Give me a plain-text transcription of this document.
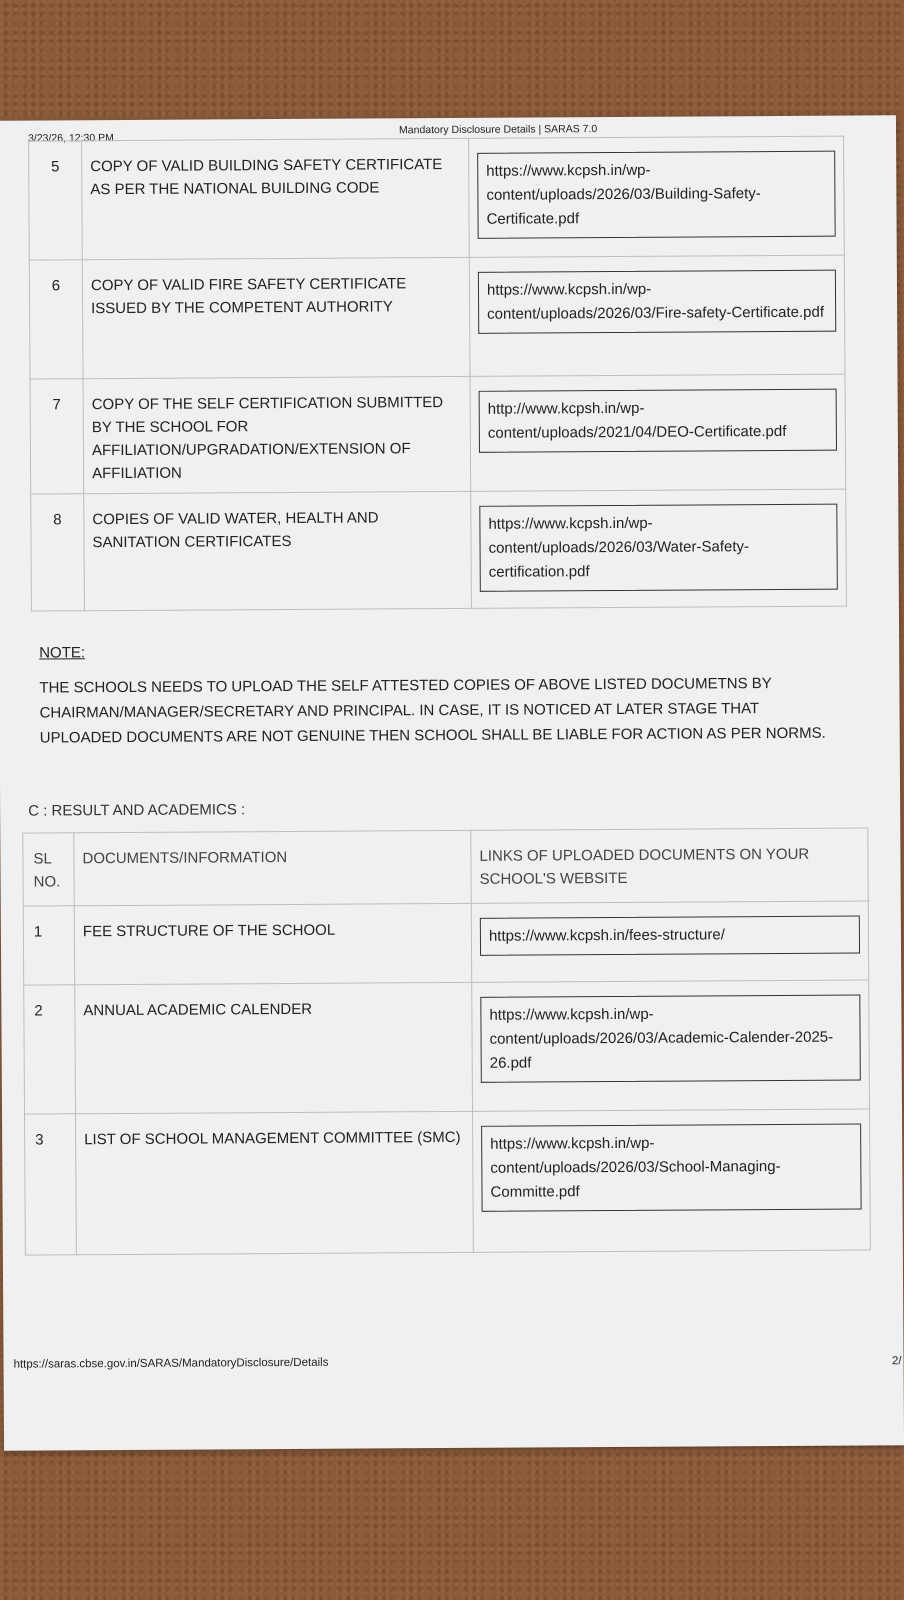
3/23/26, 12:30 PM
Mandatory Disclosure Details | SARAS 7.0
5	COPY OF VALID BUILDING SAFETY CERTIFICATE AS PER THE NATIONAL BUILDING CODE	https://www.kcpsh.in/wp-content/uploads/2026/03/Building-Safety-Certificate.pdf

6	COPY OF VALID FIRE SAFETY CERTIFICATE ISSUED BY THE COMPETENT AUTHORITY	https://www.kcpsh.in/wp-content/uploads/2026/03/Fire-safety-Certificate.pdf

7	COPY OF THE SELF CERTIFICATION SUBMITTED BY THE SCHOOL FOR AFFILIATION/UPGRADATION/EXTENSION OF AFFILIATION	http://www.kcpsh.in/wp-content/uploads/2021/04/DEO-Certificate.pdf

8	COPIES OF VALID WATER, HEALTH AND SANITATION CERTIFICATES	https://www.kcpsh.in/wp-content/uploads/2026/03/Water-Safety-certification.pdf
NOTE:
THE SCHOOLS NEEDS TO UPLOAD THE SELF ATTESTED COPIES OF ABOVE LISTED DOCUMETNS BY CHAIRMAN/MANAGER/SECRETARY AND PRINCIPAL. IN CASE, IT IS NOTICED AT LATER STAGE THAT UPLOADED DOCUMENTS ARE NOT GENUINE THEN SCHOOL SHALL BE LIABLE FOR ACTION AS PER NORMS.
C : RESULT AND ACADEMICS :
SL NO.	DOCUMENTS/INFORMATION	LINKS OF UPLOADED DOCUMENTS ON YOUR SCHOOL'S WEBSITE
1	FEE STRUCTURE OF THE SCHOOL	https://www.kcpsh.in/fees-structure/

2	ANNUAL ACADEMIC CALENDER	https://www.kcpsh.in/wp-content/uploads/2026/03/Academic-Calender-2025-26.pdf

3	LIST OF SCHOOL MANAGEMENT COMMITTEE (SMC)	https://www.kcpsh.in/wp-content/uploads/2026/03/School-Managing-Committe.pdf
https://saras.cbse.gov.in/SARAS/MandatoryDisclosure/Details	2/
